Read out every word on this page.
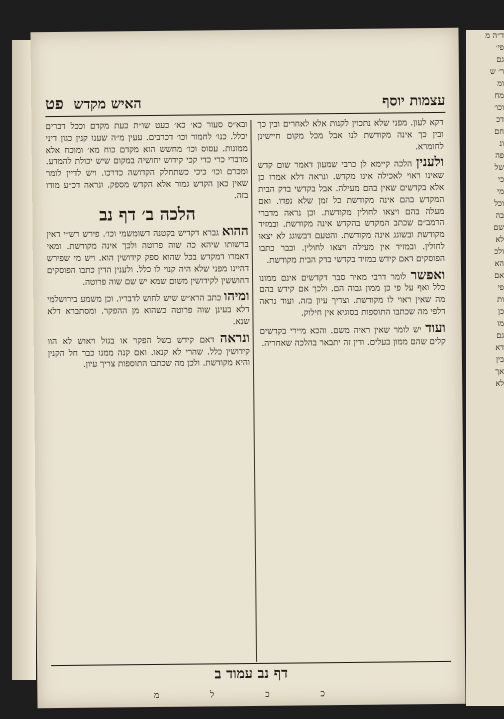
פט האיש מקדש	עצמות יוסף

דקא לעון. מפני שלא נתכוין לקנות אלא לאחרים ובין כך ובין כך אינה מקודשת לנו אבל מכל מקום חיישינן לחומרא.

ולענין הלכה קיימא לן כרבי שמעון דאמר שום קדש שאינו ראוי לאכילה אינו מקדש. ונראה דלא אמרו כן אלא בקדשים שאין בהם מעילה. אבל בקדשי בדק הבית המקדש בהם אינה מקודשת כל זמן שלא נפדו. ואם מעלה בהם ויצאו לחולין מקודשת. וכן נראה מדברי הרמב״ם שכתב המקדש בהקדש אינה מקודשת. ובמזיד מקודשת ובשוגג אינה מקודשת. והטעם דבשוגג לא יצאו לחולין. ובמזיד אין מעילה ויצאו לחולין. וכבר כתבו הפוסקים דאם קידש במזיד בקדשי בדק הבית מקודשת.

ואפשר לומר דרבי מאיר סבר דקדשים אינם ממונו כלל ואף על פי כן ממון גבוה הם. ולכך אם קידש בהם מה שאין ראוי לו מקודשת. וצריך עיון בזה. ועוד נראה דלפי מה שכתבו התוספות בסוגיא אין חילוק.

ועוד יש לומר שאין ראיה משם. והכא מיירי בקדשים קלים שהם ממון בעלים. ודין זה יתבאר בהלכה שאחריה.

ובא״ס סעור כא׳ כא׳ כעט שו״ת כעת מקדם וככל דכרים יכלל. כנו׳ לחמור וכו׳ דכרבים. עעין מ״ה שענו קנין כגון דיני ממונות. עסוס וכו׳ מחשש הוא מקדם כוח מא׳ ומוכח אלא מדברי כרי כדי קכי קידוש יחושיה במקום שיש יכולת להמדע. ומכרם וכו׳ כיכי כשתחלק הקדושה כדרכו. ויש לדיין לומר שאין כאן הקדש גמור אלא הקדש מספק. ונראה דכ״ע מודו בזה.

הלכה ב׳ דף נב

ההוא גברא דקדיש בקטנה דשומשמי וכו׳. פירש רש״י דאין ברשותו שיהא כה שוה פרוטה ולכך אינה מקודשת. ומאי דאמרו דמקדש בכל שהוא ספק קידושין הוא. ויש מי שפירש דהיינו מפני שלא היה קנוי לו כלל. ולענין הדין כתבו הפוסקים דחוששין לקידושין משום שמא יש שם שוה פרוטה.

ומיהו כתב הרא״ש שיש לחוש לדבריו. וכן משמע בירושלמי דלא בעינן שוה פרוטה כשהוא מן ההפקר. ומסתברא דלא שנא.

ונראה דאם קידש בשל הפקר או בגזל ויאוש לא הוו קידושין כלל. שהרי לא קנאו. ואם קנה ממנו כבר חל הקנין והיא מקודשת. ולכן מה שכתבו התוספות צריך עיון.

דף נב עמוד ב
כ כ ל מ
ד״ה מ
פי׳
גם
ר׳ ש
ומ
מח
וכו׳
דכ
חם
ונ
פה
של
כי
מי
וכל
בה
שם
לא
ולכ
הא
אם
פי
ות
כן
מו
גם
דא
בין
אך
לא
